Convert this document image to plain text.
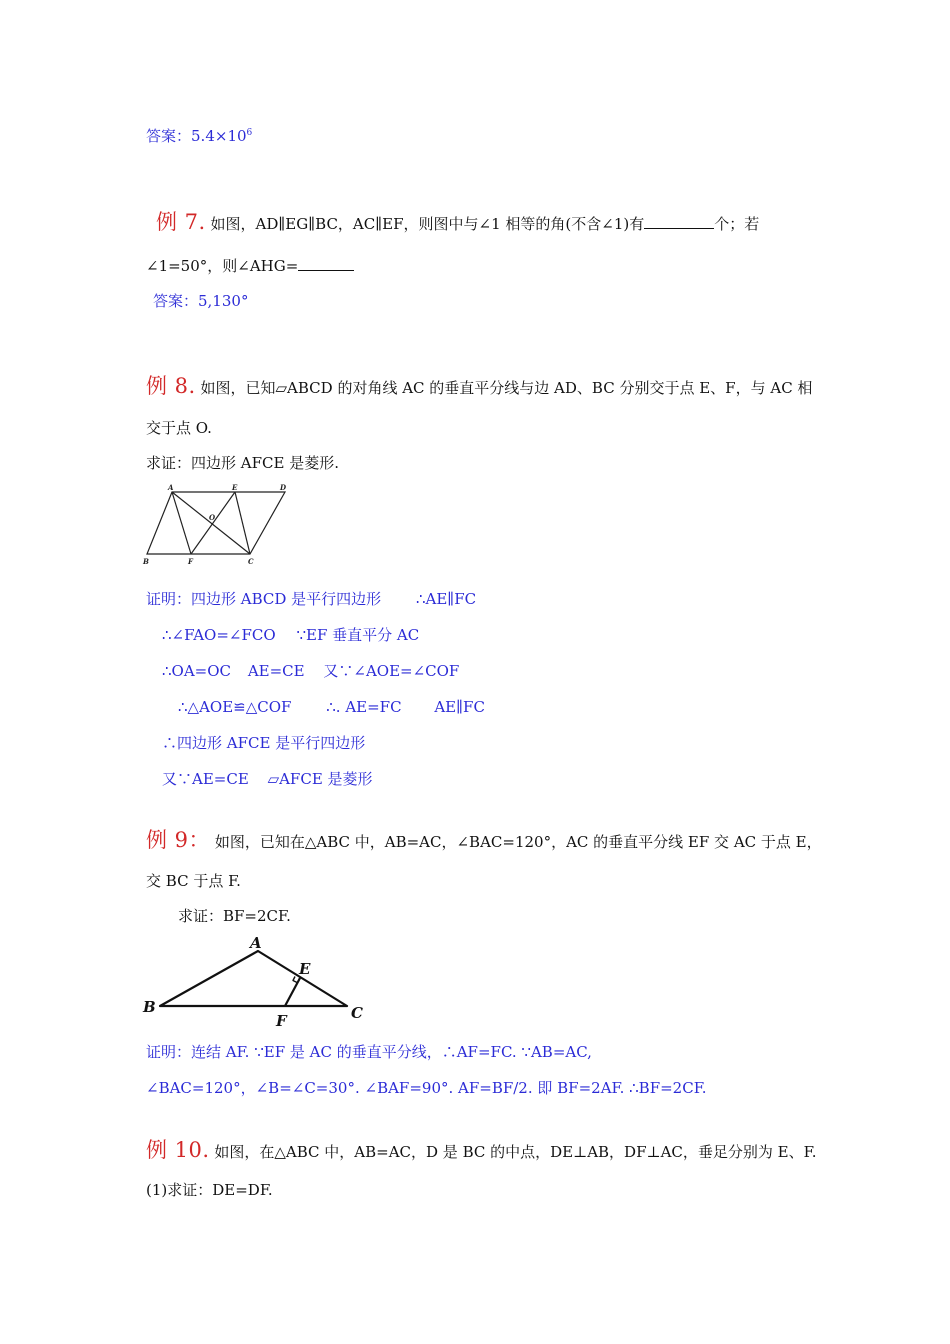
答案：$5.4\times 10^6$
例 7. 如图，AD∥EG∥BC，AC∥EF，则图中与∠1 相等的角(不含∠1)有	个；若
∠1=50°，则∠AHG=
答案：5,130°
例 8. 如图，已知▱ABCD 的对角线 AC 的垂直平分线与边 AD、BC 分别交于点 E、F，与 AC 相
交于点 O.
求证：四边形 AFCE 是菱形.
A	E	D
O
B	F	C
证明：四边形 ABCD 是平行四边形 ∴AE∥FC
∴∠FAO=∠FCO ∵EF 垂直平分 AC
∴OA=OC AE=CE 又∵∠AOE=∠COF
∴△AOE≌△COF ∴. AE=FC AE∥FC
∴四边形 AFCE 是平行四边形
又∵AE=CE ▱AFCE 是菱形
例 9： 如图，已知在△ABC 中，AB=AC，∠BAC=120°，AC 的垂直平分线 EF 交 AC 于点 E，
交 BC 于点 F.
求证：BF=2CF.
A
E
B
F	C
证明：连结 AF. ∵EF 是 AC 的垂直平分线，∴AF=FC. ∵AB=AC,
∠BAC=120°，∠B=∠C=30°. ∠BAF=90°. AF=BF/2. 即 BF=2AF. ∴BF=2CF.
例 10. 如图，在△ABC 中，AB=AC，D 是 BC 的中点，DE⊥AB，DF⊥AC，垂足分别为 E、F.
(1)求证：DE=DF.
